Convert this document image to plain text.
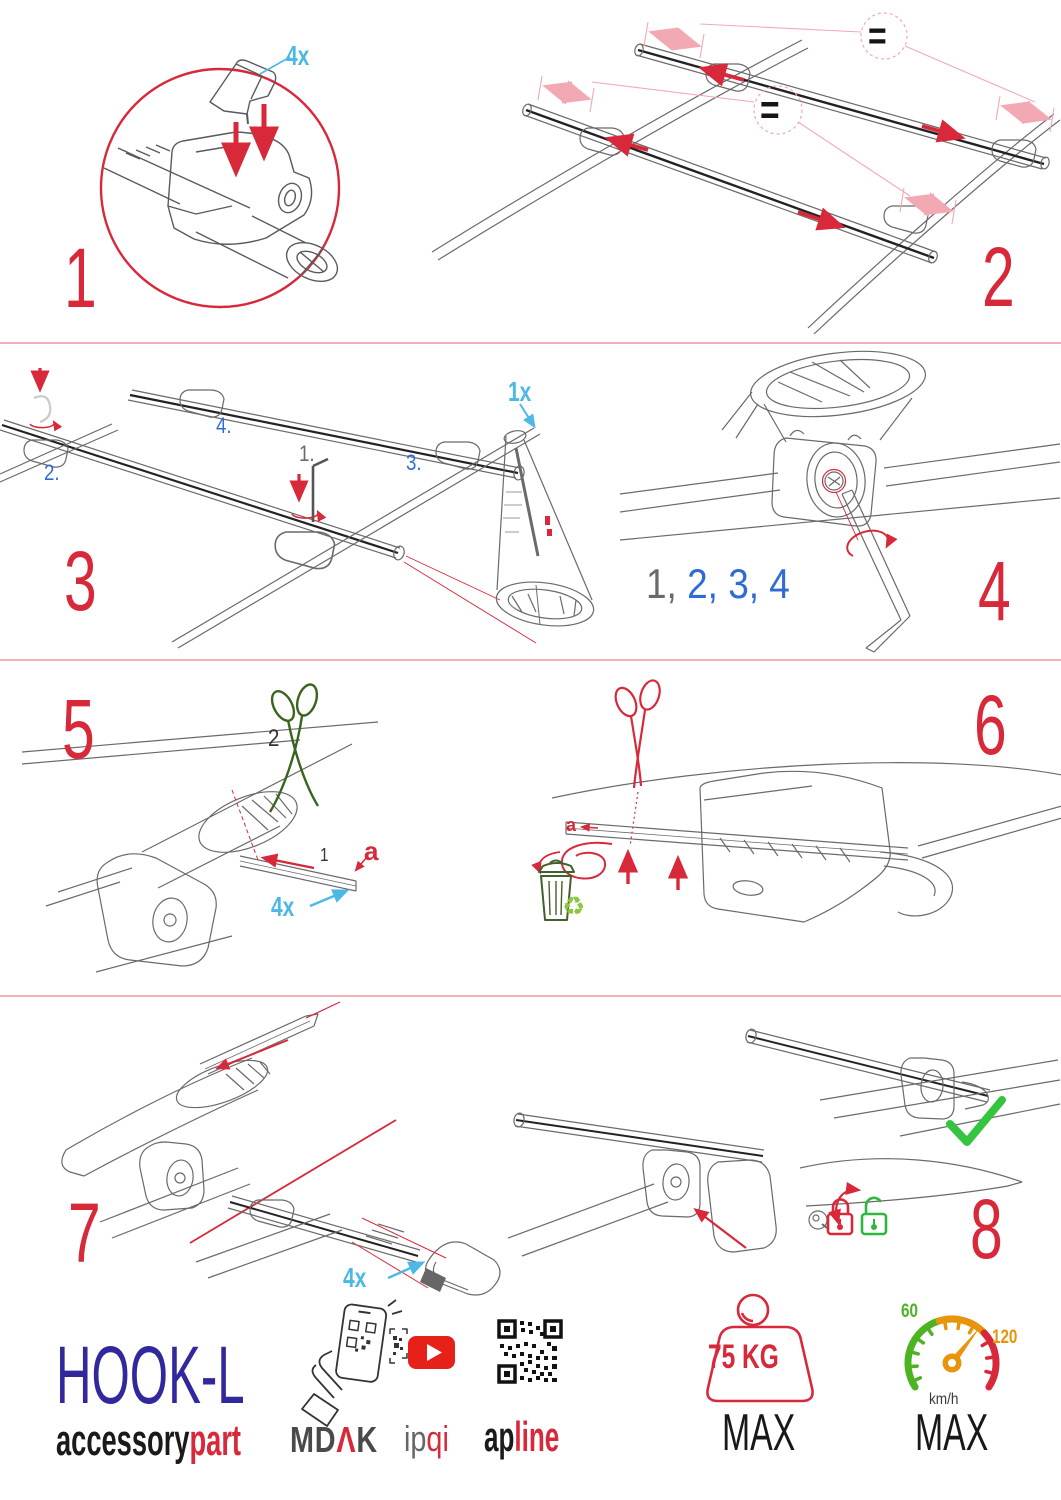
1	2
3	4
5	6
7	8
4x	=
=
1x
1.
2.	3.
4.
1, 2, 3, 4
2
1 a
4x
a
♻
4x
HOOK-L
accessorypart MDΛK ipqi apline
75 KG
MAX
60
120
km/h
MAX
